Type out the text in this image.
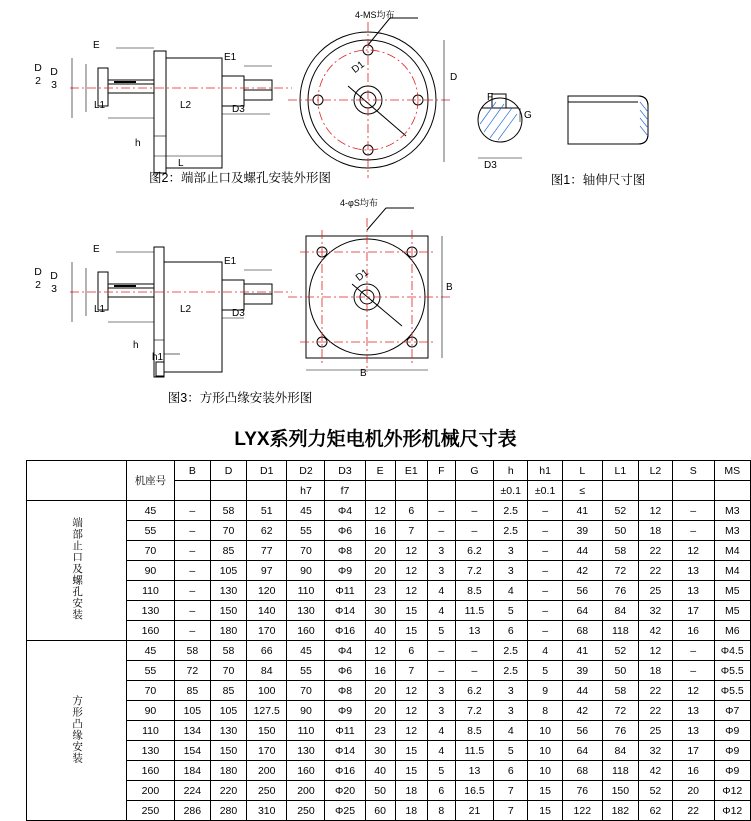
D2 D3
E
L1
h
L
E1
L2	D3
4-MS均布
D1
D
图2：端部止口及螺孔安装外形图
F
G
D3
图1：轴伸尺寸图
D2 D3
E
L1
h
h1
E1
L2	D3
4-φS均布
D1
B
B
图3：方形凸缘安装外形图
LYX系列力矩电机外形机械尺寸表
	机座号	B	D	D1	D2	D3	E	E1	F	G	h	h1	L	L1	L2	S	MS
					h7	f7					±0.1	±0.1	≤				
端部止口及螺孔安装	45	–	58	51	45	Φ4	12	6	–	–	2.5	–	41	52	12	–	M3
	55	–	70	62	55	Φ6	16	7	–	–	2.5	–	39	50	18	–	M3
	70	–	85	77	70	Φ8	20	12	3	6.2	3	–	44	58	22	12	M4
	90	–	105	97	90	Φ9	20	12	3	7.2	3	–	42	72	22	13	M4
	110	–	130	120	110	Φ11	23	12	4	8.5	4	–	56	76	25	13	M5
	130	–	150	140	130	Φ14	30	15	4	11.5	5	–	64	84	32	17	M5
	160	–	180	170	160	Φ16	40	15	5	13	6	–	68	118	42	16	M6
方形凸缘安装	45	58	58	66	45	Φ4	12	6	–	–	2.5	4	41	52	12	–	Φ4.5
	55	72	70	84	55	Φ6	16	7	–	–	2.5	5	39	50	18	–	Φ5.5
	70	85	85	100	70	Φ8	20	12	3	6.2	3	9	44	58	22	12	Φ5.5
	90	105	105	127.5	90	Φ9	20	12	3	7.2	3	8	42	72	22	13	Φ7
	110	134	130	150	110	Φ11	23	12	4	8.5	4	10	56	76	25	13	Φ9
	130	154	150	170	130	Φ14	30	15	4	11.5	5	10	64	84	32	17	Φ9
	160	184	180	200	160	Φ16	40	15	5	13	6	10	68	118	42	16	Φ9
	200	224	220	250	200	Φ20	50	18	6	16.5	7	15	76	150	52	20	Φ12
	250	286	280	310	250	Φ25	60	18	8	21	7	15	122	182	62	22	Φ12
